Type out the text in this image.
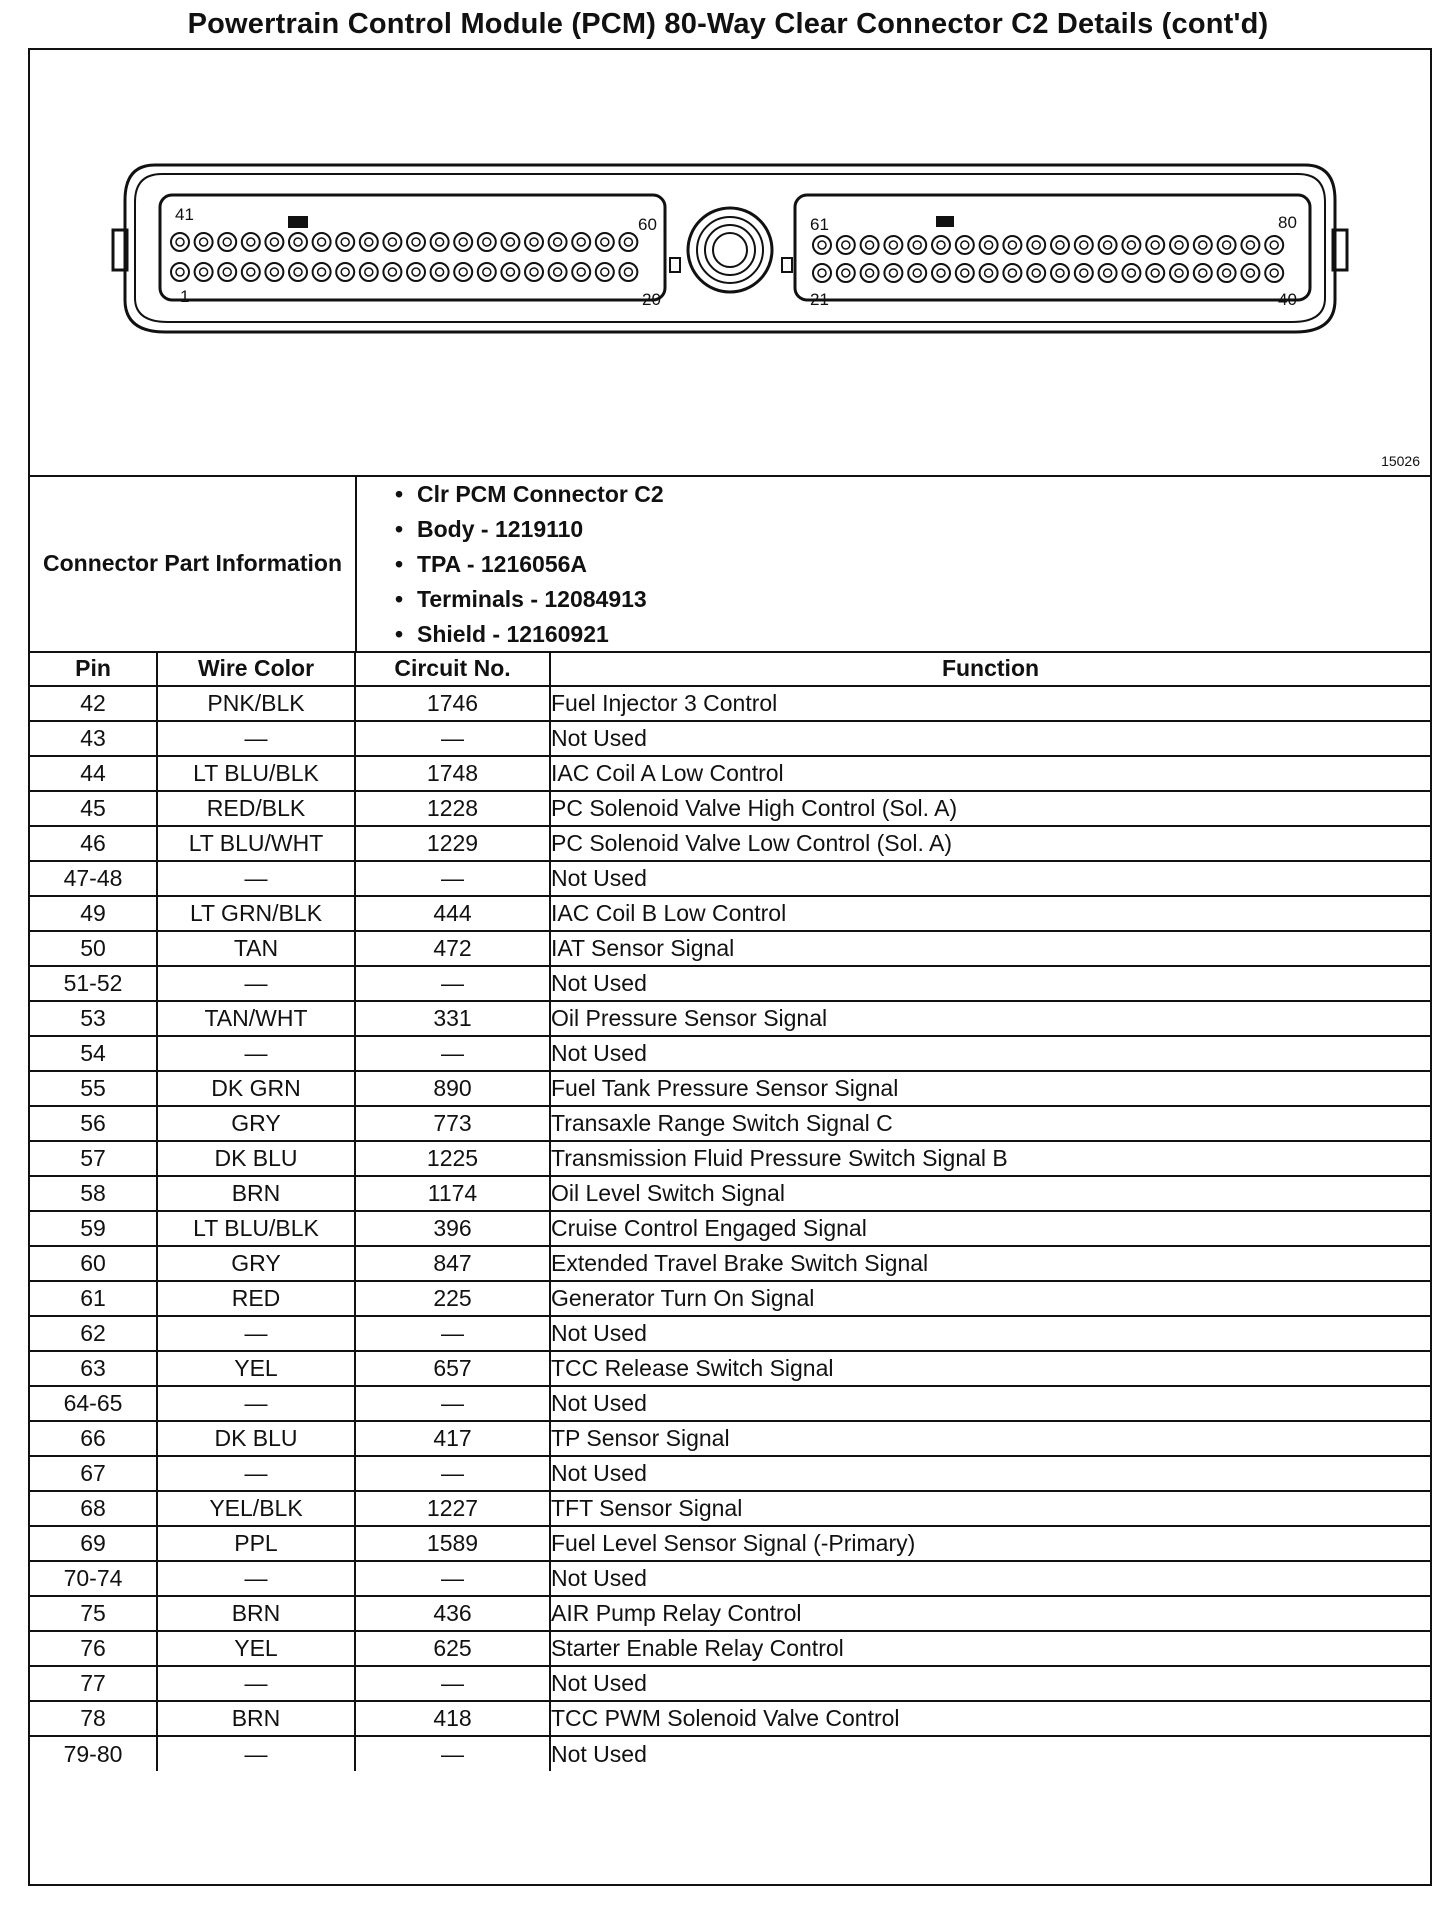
Powertrain Control Module (PCM) 80-Way Clear Connector C2 Details (cont'd)
41
60	61	80
1	20	21	40
15026
Connector Part Information
• Clr PCM Connector C2
• Body - 1219110
• TPA - 1216056A
• Terminals - 12084913
• Shield - 12160921
Pin	Wire Color	Circuit No.	Function
42	PNK/BLK	1746	Fuel Injector 3 Control
43	—	—	Not Used
44	LT BLU/BLK	1748	IAC Coil A Low Control
45	RED/BLK	1228	PC Solenoid Valve High Control (Sol. A)
46	LT BLU/WHT	1229	PC Solenoid Valve Low Control (Sol. A)
47-48	—	—	Not Used
49	LT GRN/BLK	444	IAC Coil B Low Control
50	TAN	472	IAT Sensor Signal
51-52	—	—	Not Used
53	TAN/WHT	331	Oil Pressure Sensor Signal
54	—	—	Not Used
55	DK GRN	890	Fuel Tank Pressure Sensor Signal
56	GRY	773	Transaxle Range Switch Signal C
57	DK BLU	1225	Transmission Fluid Pressure Switch Signal B
58	BRN	1174	Oil Level Switch Signal
59	LT BLU/BLK	396	Cruise Control Engaged Signal
60	GRY	847	Extended Travel Brake Switch Signal
61	RED	225	Generator Turn On Signal
62	—	—	Not Used
63	YEL	657	TCC Release Switch Signal
64-65	—	—	Not Used
66	DK BLU	417	TP Sensor Signal
67	—	—	Not Used
68	YEL/BLK	1227	TFT Sensor Signal
69	PPL	1589	Fuel Level Sensor Signal (-Primary)
70-74	—	—	Not Used
75	BRN	436	AIR Pump Relay Control
76	YEL	625	Starter Enable Relay Control
77	—	—	Not Used
78	BRN	418	TCC PWM Solenoid Valve Control
79-80	—	—	Not Used
